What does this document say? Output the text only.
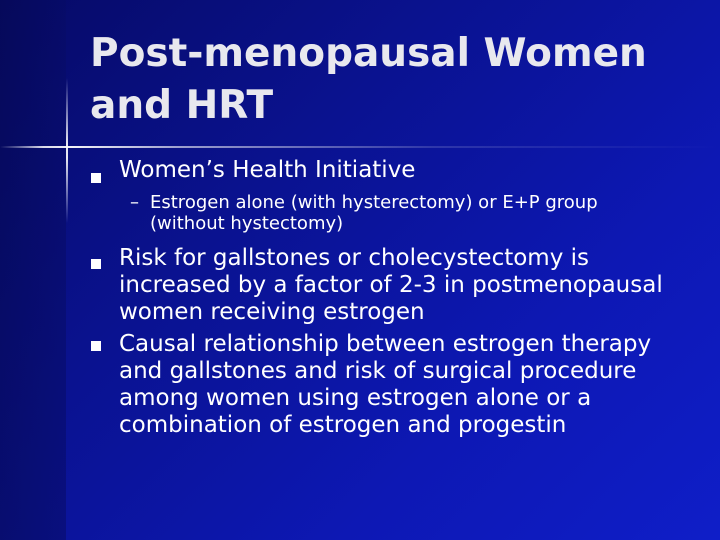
Post-menopausal Women and HRT
Women’s Health Initiative
– Estrogen alone (with hysterectomy) or E+P group (without hystectomy)
Risk for gallstones or cholecystectomy is increased by a factor of 2-3 in postmenopausal women receiving estrogen
Causal relationship between estrogen therapy and gallstones and risk of surgical procedure among women using estrogen alone or a combination of estrogen and progestin
